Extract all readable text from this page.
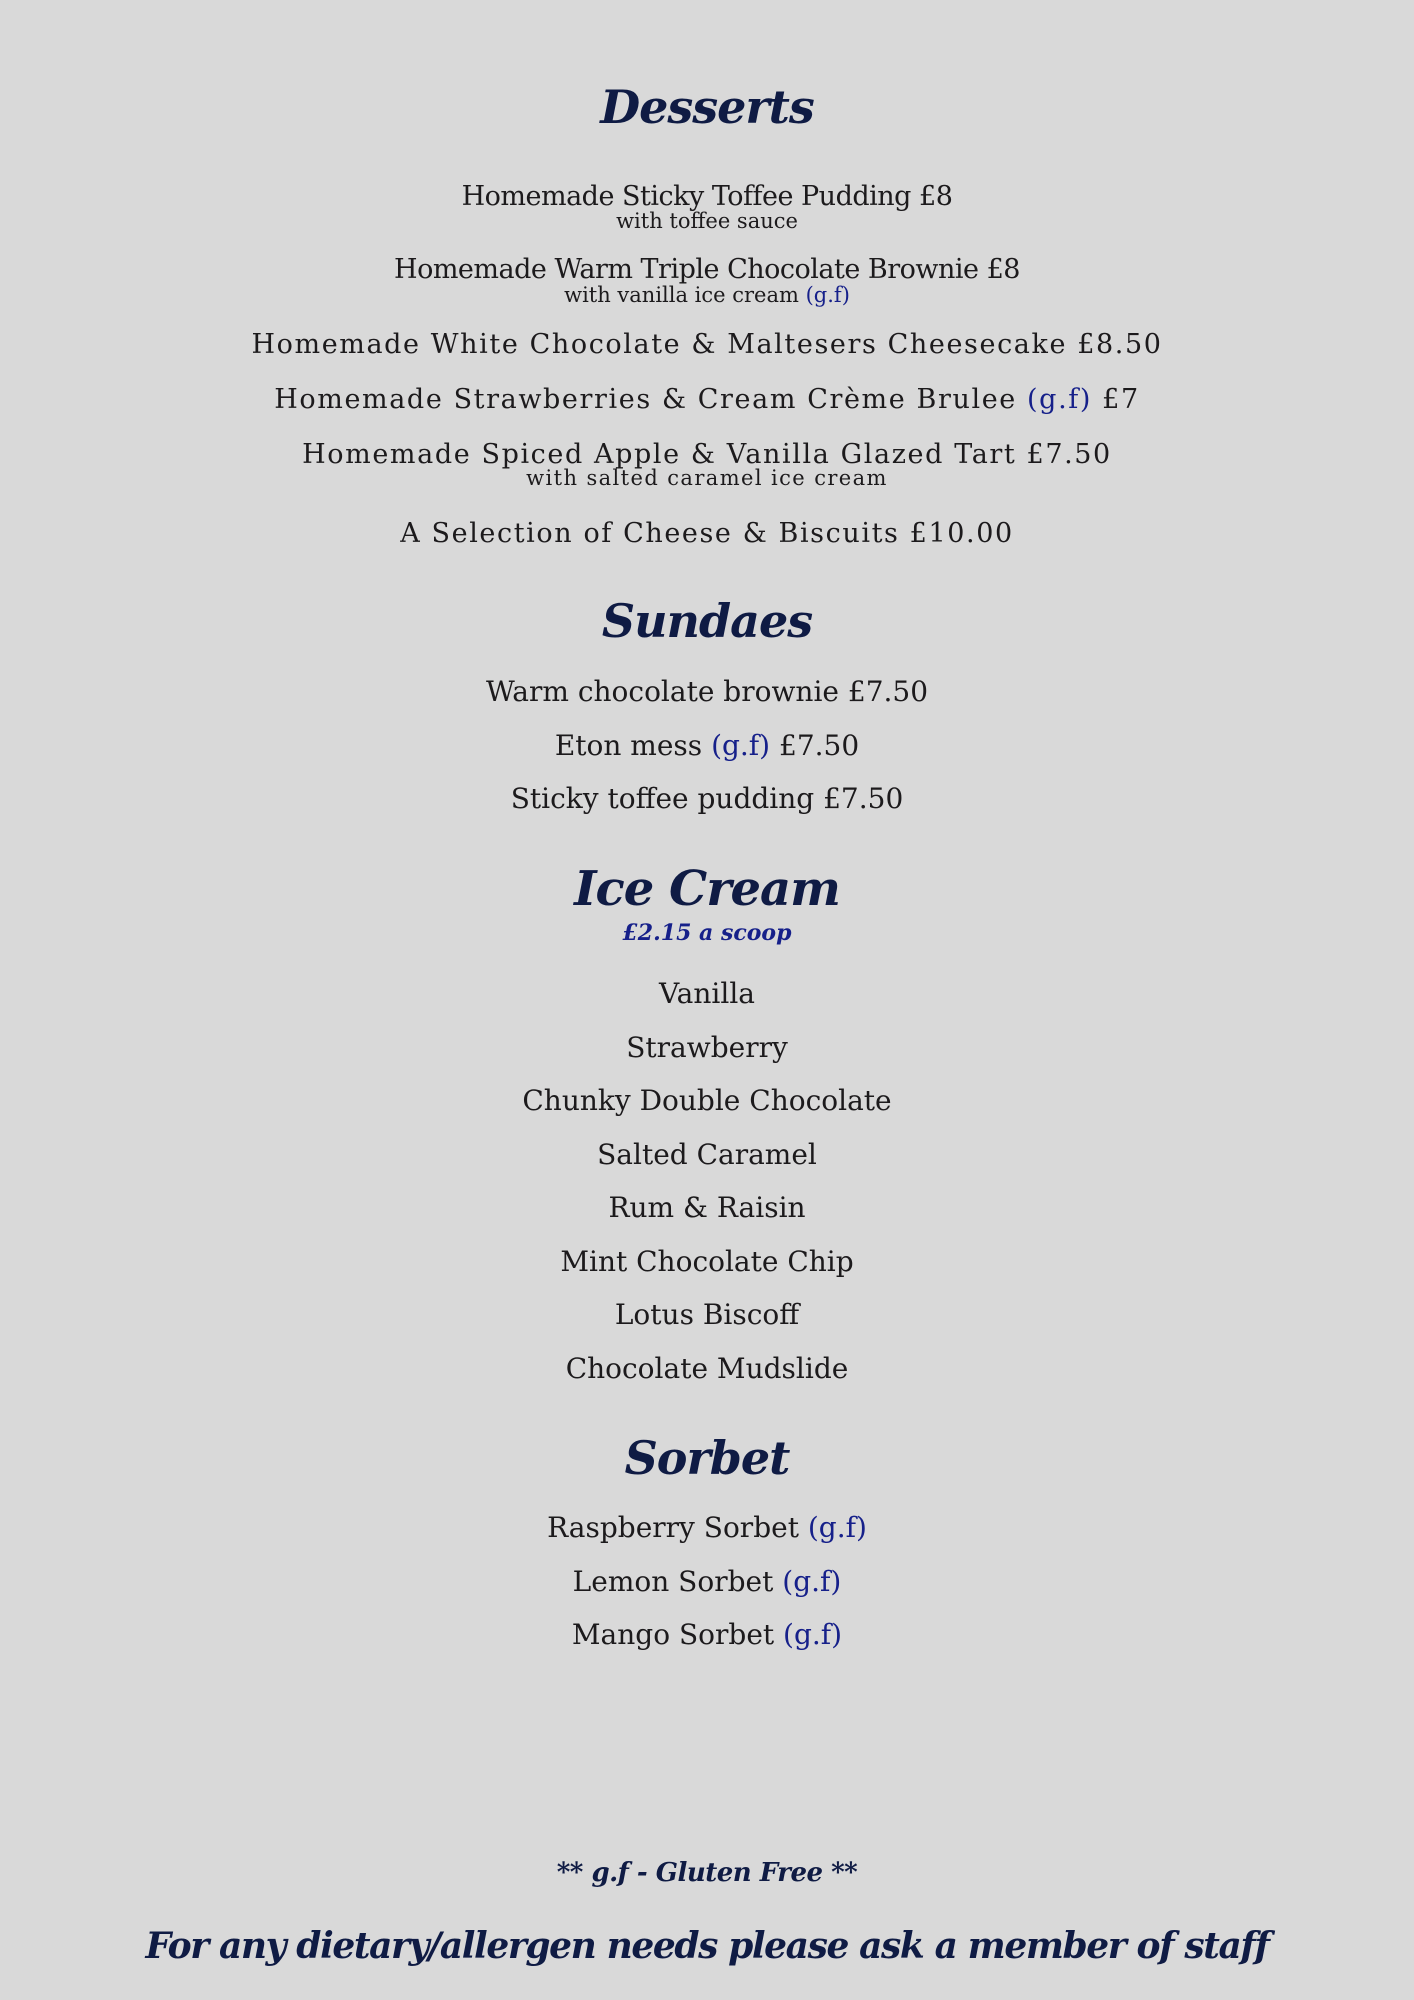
Desserts
Homemade Sticky Toffee Pudding £8
with toffee sauce
Homemade Warm Triple Chocolate Brownie £8
with vanilla ice cream (g.f)
Homemade White Chocolate & Maltesers Cheesecake £8.50
Homemade Strawberries & Cream Crème Brulee (g.f) £7
Homemade Spiced Apple & Vanilla Glazed Tart £7.50
with salted caramel ice cream
A Selection of Cheese & Biscuits £10.00
Sundaes
Warm chocolate brownie £7.50
Eton mess (g.f) £7.50
Sticky toffee pudding £7.50
Ice Cream
£2.15 a scoop
Vanilla
Strawberry
Chunky Double Chocolate
Salted Caramel
Rum & Raisin
Mint Chocolate Chip
Lotus Biscoff
Chocolate Mudslide
Sorbet
Raspberry Sorbet (g.f)
Lemon Sorbet (g.f)
Mango Sorbet (g.f)
** g.f - Gluten Free **
For any dietary/allergen needs please ask a member of staff
